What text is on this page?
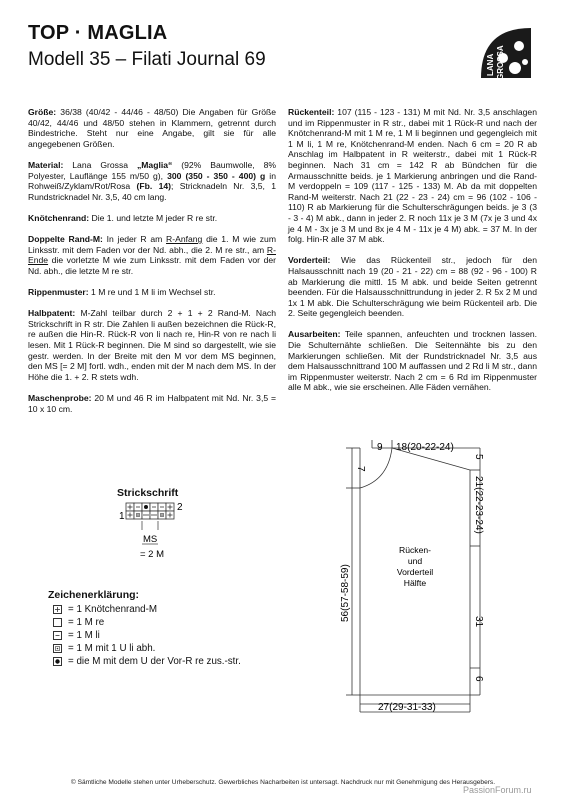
TOP · MAGLIA
Modell 35 – Filati Journal 69	LANA GROSSA

Größe: 36/38 (40/42 - 44/46 - 48/50) Die Angaben für Größe 40/42, 44/46 und 48/50 stehen in Klammern, getrennt durch Bindestriche. Steht nur eine Angabe, gilt sie für alle angegebenen Größen.

Material: Lana Grossa „Maglia“ (92% Baumwolle, 8% Polyester, Lauflänge 155 m/50 g), 300 (350 - 350 - 400) g in Rohweiß/Zyklam/Rot/Rosa (Fb. 14); Stricknadeln Nr. 3,5, 1 Rundstricknadel Nr. 3,5, 40 cm lang.

Knötchenrand: Die 1. und letzte M jeder R re str.

Doppelte Rand-M: In jeder R am R-Anfang die 1. M wie zum Linksstr. mit dem Faden vor der Nd. abh., die 2. M re str., am R-Ende die vorletzte M wie zum Linksstr. mit dem Faden vor der Nd. abh., die letzte M re str.

Rippenmuster: 1 M re und 1 M li im Wechsel str.

Halbpatent: M-Zahl teilbar durch 2 + 1 + 2 Rand-M. Nach Strickschrift in R str. Die Zahlen li außen bezeichnen die Rück-R, re außen die Hin-R. Rück-R von li nach re, Hin-R von re nach li lesen. Mit 1 Rück-R beginnen. Die M sind so dargestellt, wie sie gestr. werden. In der Breite mit den M vor dem MS beginnen, den MS [= 2 M] fortl. wdh., enden mit der M nach dem MS. In der Höhe die 1. + 2. R stets wdh.

Maschenprobe: 20 M und 46 R im Halbpatent mit Nd. Nr. 3,5 = 10 x 10 cm.

Rückenteil: 107 (115 - 123 - 131) M mit Nd. Nr. 3,5 anschlagen und im Rippenmuster in R str., dabei mit 1 Rück-R und nach der Knötchenrand-M mit 1 M re, 1 M li beginnen und gegengleich mit 1 M li, 1 M re, Knötchenrand-M enden. Nach 6 cm = 20 R ab Anschlag im Halbpatent in R weiterstr., dabei mit 1 Rück-R beginnen. Nach 31 cm = 142 R ab Bündchen für die Armausschnitte beids. je 1 Markierung anbringen und die Rand-M verdoppeln = 109 (117 - 125 - 133) M. Ab da mit doppelten Rand-M weiterstr. Nach 21 (22 - 23 - 24) cm = 96 (102 - 106 - 110) R ab Markierung für die Schulterschrägungen beids. je 3 (3 - 3 - 4) M abk., dann in jeder 2. R noch 11x je 3 M (7x je 3 und 4x je 4 M - 3x je 3 M und 8x je 4 M - 11x je 4 M) abk. = 37 M. In der folg. Hin-R alle 37 M abk.

Vorderteil: Wie das Rückenteil str., jedoch für den Halsausschnitt nach 19 (20 - 21 - 22) cm = 88 (92 - 96 - 100) R ab Markierung die mittl. 15 M abk. und beide Seiten getrennt beenden. Für die Halsausschnittrundung in jeder 2. R 5x 2 M und 1x 1 M abk. Die Schulterschrägung wie beim Rückenteil arb. Die 2. Seite gegengleich beenden.

Ausarbeiten: Teile spannen, anfeuchten und trocknen lassen. Die Schulternähte schließen. Die Seitennähte bis zu den Markierungen schließen. Mit der Rundstricknadel Nr. 3,5 aus dem Halsausschnittrand 100 M auffassen und 2 Rd li M str., dann im Rippenmuster weiterstr. Nach 2 cm = 6 Rd im Rippenmuster alle M abk., wie sie erscheinen. Alle Fäden vernähen.

Strickschrift
2
1
MS
= 2 M
Zeichenerklärung:
= 1 Knötchenrand-M
= 1 M re
= 1 M li
= 1 M mit 1 U li abh.
= die M mit dem U der Vor-R re zus.-str.
9 18(20-22-24)
7
5
21(22-23-24)
31
6
56(57-58-59)
27(29-31-33)
Rücken-
und
Vorderteil
Hälfte
© Sämtliche Modelle stehen unter Urheberschutz. Gewerbliches Nacharbeiten ist untersagt. Nachdruck nur mit Genehmigung des Herausgebers.
PassionForum.ru
